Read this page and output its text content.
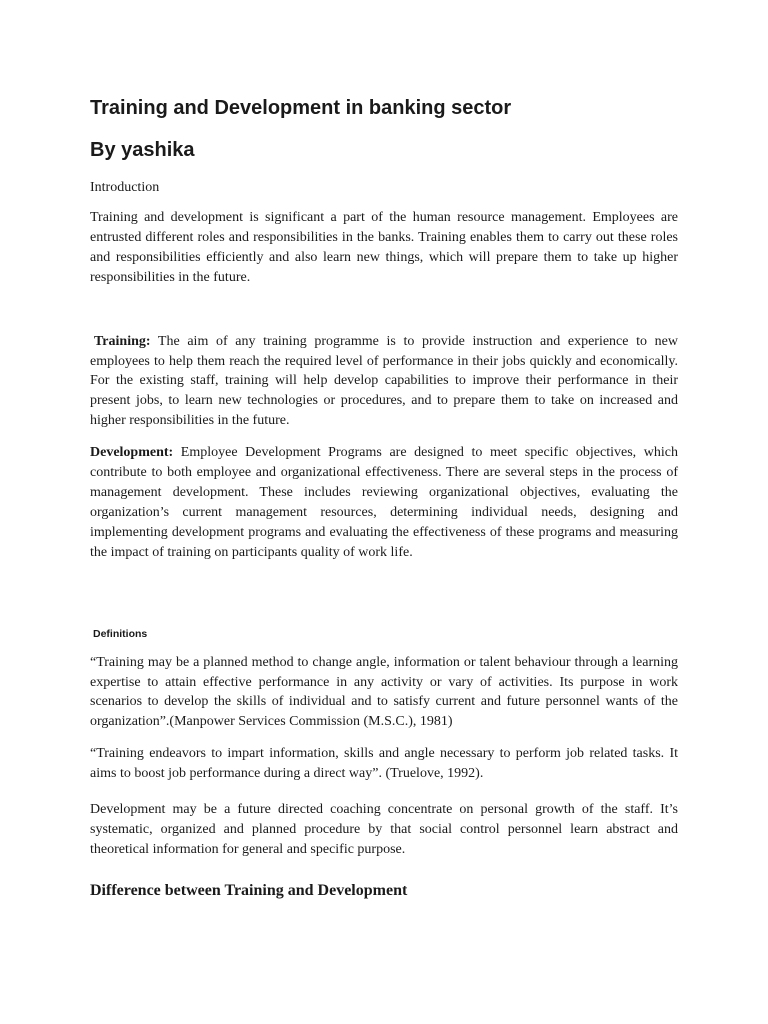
Training and Development in banking sector
By yashika

Introduction

Training and development is significant a part of the human resource management. Employees are entrusted different roles and responsibilities in the banks. Training enables them to carry out these roles and responsibilities efficiently and also learn new things, which will prepare them to take up higher responsibilities in the future.

Training: The aim of any training programme is to provide instruction and experience to new employees to help them reach the required level of performance in their jobs quickly and economically. For the existing staff, training will help develop capabilities to improve their performance in their present jobs, to learn new technologies or procedures, and to prepare them to take on increased and higher responsibilities in the future.

Development: Employee Development Programs are designed to meet specific objectives, which contribute to both employee and organizational effectiveness. There are several steps in the process of management development. These includes reviewing organizational objectives, evaluating the organization’s current management resources, determining individual needs, designing and implementing development programs and evaluating the effectiveness of these programs and measuring the impact of training on participants quality of work life.

Definitions

“Training may be a planned method to change angle, information or talent behaviour through a learning expertise to attain effective performance in any activity or vary of activities. Its purpose in work scenarios to develop the skills of individual and to satisfy current and future personnel wants of the organization”.(Manpower Services Commission (M.S.C.), 1981)

“Training endeavors to impart information, skills and angle necessary to perform job related tasks. It aims to boost job performance during a direct way”. (Truelove, 1992).

Development may be a future directed coaching concentrate on personal growth of the staff. It’s systematic, organized and planned procedure by that social control personnel learn abstract and theoretical information for general and specific purpose.

Difference between Training and Development
